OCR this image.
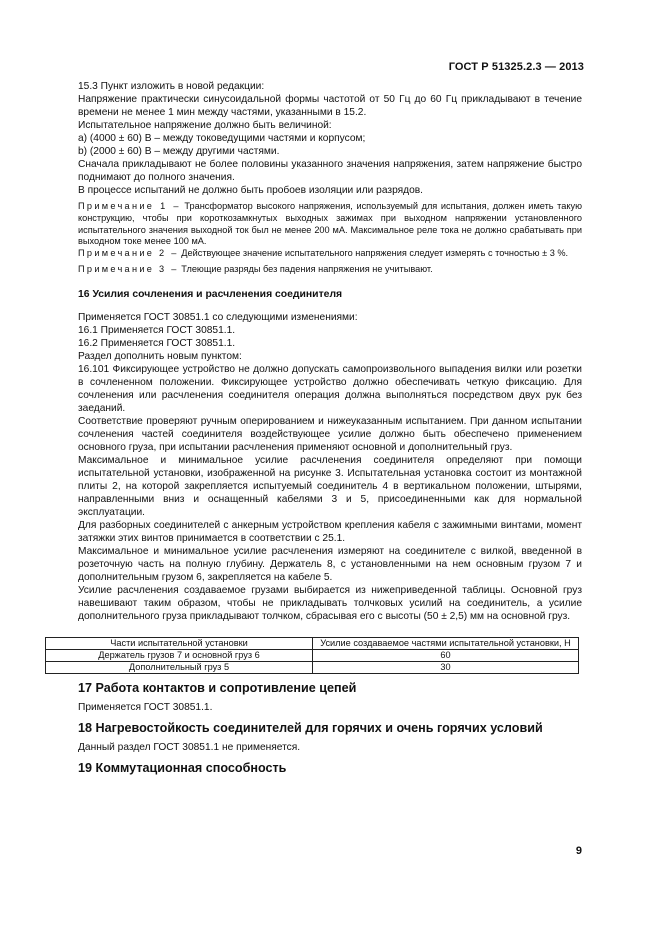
ГОСТ Р 51325.2.3 — 2013

15.3 Пункт изложить в новой редакции:

Напряжение практически синусоидальной формы частотой от 50 Гц до 60 Гц прикладывают в течение времени не менее 1 мин между частями, указанными в 15.2.

Испытательное напряжение должно быть величиной:

a) (4000 ± 60) В – между токоведущими частями и корпусом;

b) (2000 ± 60) В – между другими частями.

Сначала прикладывают не более половины указанного значения напряжения, затем напряжение быстро поднимают до полного значения.

В процессе испытаний не должно быть пробоев изоляции или разрядов.

Примечание 1 – Трансформатор высокого напряжения, используемый для испытания, должен иметь такую конструкцию, чтобы при короткозамкнутых выходных зажимах при выходном напряжении установленного испытательного значения выходной ток был не менее 200 мА. Максимальное реле тока не должно срабатывать при выходном токе менее 100 мА.

Примечание 2 – Действующее значение испытательного напряжения следует измерять с точностью ± 3 %.

Примечание 3 – Тлеющие разряды без падения напряжения не учитывают.

16 Усилия сочленения и расчленения соединителя

Применяется ГОСТ 30851.1 со следующими изменениями:

16.1 Применяется ГОСТ 30851.1.

16.2 Применяется ГОСТ 30851.1.

Раздел дополнить новым пунктом:

16.101 Фиксирующее устройство не должно допускать самопроизвольного выпадения вилки или розетки в сочлененном положении. Фиксирующее устройство должно обеспечивать четкую фиксацию. Для сочленения или расчленения соединителя операция должна выполняться посредством двух рук без заеданий.

Соответствие проверяют ручным оперированием и нижеуказанным испытанием. При данном испытании сочленения частей соединителя воздействующее усилие должно быть обеспечено применением основного груза, при испытании расчленения применяют основной и дополнительный груз.

Максимальное и минимальное усилие расчленения соединителя определяют при помощи испытательной установки, изображенной на рисунке 3. Испытательная установка состоит из монтажной плиты 2, на которой закрепляется испытуемый соединитель 4 в вертикальном положении, штырями, направленными вниз и оснащенный кабелями 3 и 5, присоединенными как для нормальной эксплуатации.

Для разборных соединителей с анкерным устройством крепления кабеля с зажимными винтами, момент затяжки этих винтов принимается в соответствии с 25.1.

Максимальное и минимальное усилие расчленения измеряют на соединителе с вилкой, введенной в розеточную часть на полную глубину. Держатель 8, с установленными на нем основным грузом 7 и дополнительным грузом 6, закрепляется на кабеле 5.

Усилие расчленения создаваемое грузами выбирается из нижеприведенной таблицы. Основной груз навешивают таким образом, чтобы не прикладывать толчковых усилий на соединитель, а усилие дополнительного груза прикладывают толчком, сбрасывая его с высоты (50 ± 2,5) мм на основной груз.

Части испытательной установки	Усилие создаваемое частями испытательной установки, Н
Держатель грузов 7 и основной груз 6	60
Дополнительный груз 5	30

17 Работа контактов и сопротивление цепей

Применяется ГОСТ 30851.1.

18 Нагревостойкость соединителей для горячих и очень горячих условий

Данный раздел ГОСТ 30851.1 не применяется.

19 Коммутационная способность

9
